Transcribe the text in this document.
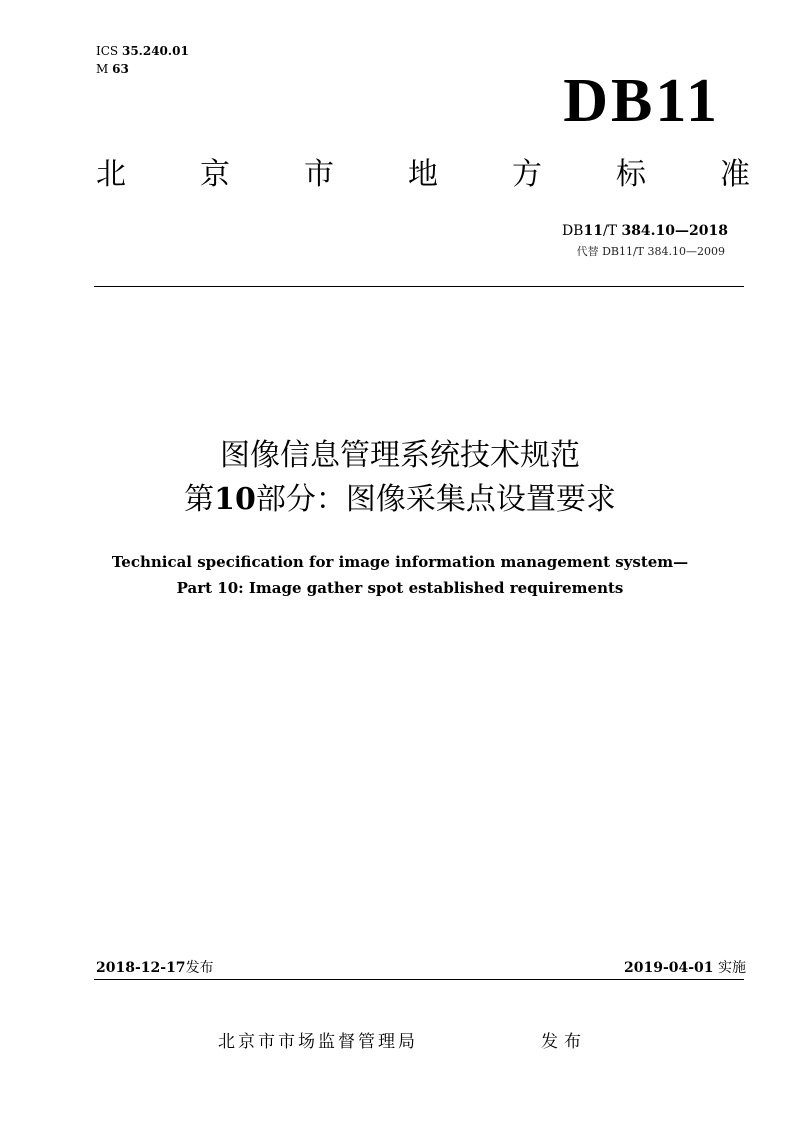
ICS 35.240.01
M 63	DB11
北 京 市 地 方 标 准
DB11/T 384.10—2018
代替 DB11/T 384.10—2009
图像信息管理系统技术规范
第10部分：图像采集点设置要求
Technical specification for image information management system—
Part 10: Image gather spot established requirements
2018-12-17发布	2019-04-01 实施
北京市市场监督管理局	发布
